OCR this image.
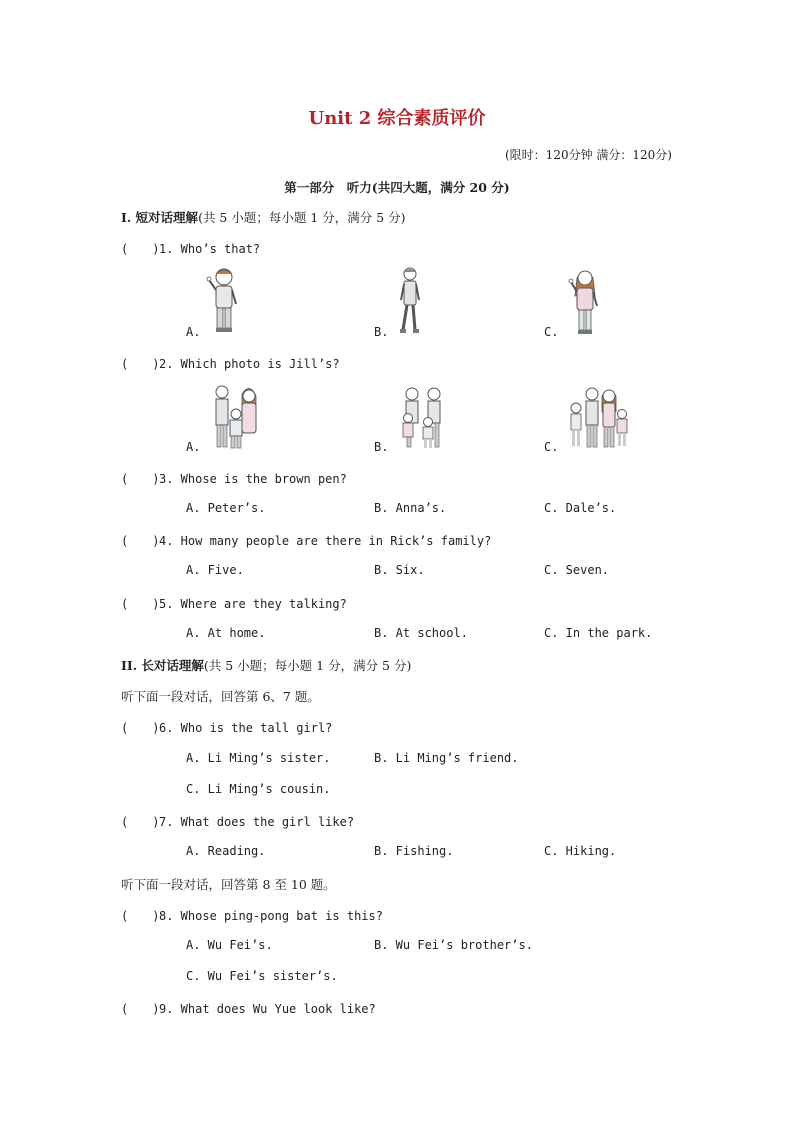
Unit 2 综合素质评价
(限时：120分钟 满分：120分)
第一部分　听力(共四大题，满分 20 分)
I. 短对话理解(共 5 小题；每小题 1 分，满分 5 分)
(　　)1. Who’s that?
A.	B.	C.
(　　)2. Which photo is Jill’s?
A.	B.	C.
(　　)3. Whose is the brown pen?
A. Peter’s.	B. Anna’s.	C. Dale’s.
(　　)4. How many people are there in Rick’s family?
A. Five.	B. Six.	C. Seven.
(　　)5. Where are they talking?
A. At home.	B. At school.	C. In the park.
II. 长对话理解(共 5 小题；每小题 1 分，满分 5 分)
听下面一段对话，回答第 6、7 题。
(　　)6. Who is the tall girl?
A. Li Ming’s sister.	B. Li Ming’s friend.
C. Li Ming’s cousin.
(　　)7. What does the girl like?
A. Reading.	B. Fishing.	C. Hiking.
听下面一段对话，回答第 8 至 10 题。
(　　)8. Whose ping-pong bat is this?
A. Wu Fei’s.	B. Wu Fei’s brother’s.
C. Wu Fei’s sister’s.
(　　)9. What does Wu Yue look like?
